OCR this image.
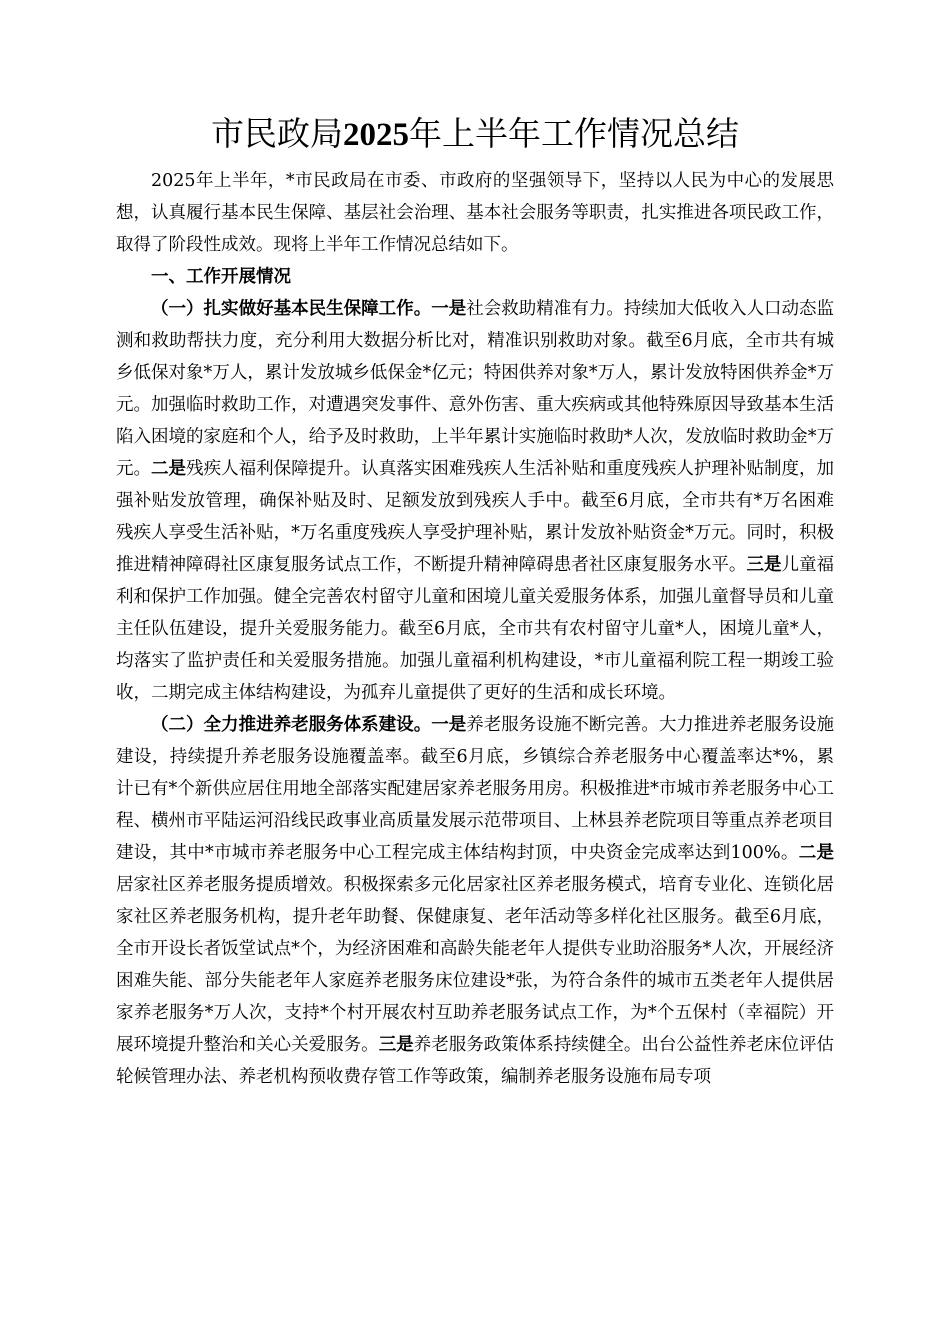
市民政局2025年上半年工作情况总结

2025年上半年，*市民政局在市委、市政府的坚强领导下，坚持以人民为中心的发展思想，认真履行基本民生保障、基层社会治理、基本社会服务等职责，扎实推进各项民政工作，取得了阶段性成效。现将上半年工作情况总结如下。

一、工作开展情况

（一）扎实做好基本民生保障工作。一是社会救助精准有力。持续加大低收入人口动态监测和救助帮扶力度，充分利用大数据分析比对，精准识别救助对象。截至6月底，全市共有城乡低保对象*万人，累计发放城乡低保金*亿元；特困供养对象*万人，累计发放特困供养金*万元。加强临时救助工作，对遭遇突发事件、意外伤害、重大疾病或其他特殊原因导致基本生活陷入困境的家庭和个人，给予及时救助，上半年累计实施临时救助*人次，发放临时救助金*万元。二是残疾人福利保障提升。认真落实困难残疾人生活补贴和重度残疾人护理补贴制度，加强补贴发放管理，确保补贴及时、足额发放到残疾人手中。截至6月底，全市共有*万名困难残疾人享受生活补贴，*万名重度残疾人享受护理补贴，累计发放补贴资金*万元。同时，积极推进精神障碍社区康复服务试点工作，不断提升精神障碍患者社区康复服务水平。三是儿童福利和保护工作加强。健全完善农村留守儿童和困境儿童关爱服务体系，加强儿童督导员和儿童主任队伍建设，提升关爱服务能力。截至6月底，全市共有农村留守儿童*人，困境儿童*人，均落实了监护责任和关爱服务措施。加强儿童福利机构建设，*市儿童福利院工程一期竣工验收，二期完成主体结构建设，为孤弃儿童提供了更好的生活和成长环境。

（二）全力推进养老服务体系建设。一是养老服务设施不断完善。大力推进养老服务设施建设，持续提升养老服务设施覆盖率。截至6月底，乡镇综合养老服务中心覆盖率达*%，累计已有*个新供应居住用地全部落实配建居家养老服务用房。积极推进*市城市养老服务中心工程、横州市平陆运河沿线民政事业高质量发展示范带项目、上林县养老院项目等重点养老项目建设，其中*市城市养老服务中心工程完成主体结构封顶，中央资金完成率达到100%。二是居家社区养老服务提质增效。积极探索多元化居家社区养老服务模式，培育专业化、连锁化居家社区养老服务机构，提升老年助餐、保健康复、老年活动等多样化社区服务。截至6月底，全市开设长者饭堂试点*个，为经济困难和高龄失能老年人提供专业助浴服务*人次，开展经济困难失能、部分失能老年人家庭养老服务床位建设*张，为符合条件的城市五类老年人提供居家养老服务*万人次，支持*个村开展农村互助养老服务试点工作，为*个五保村（幸福院）开展环境提升整治和关心关爱服务。三是养老服务政策体系持续健全。出台公益性养老床位评估轮候管理办法、养老机构预收费存管工作等政策，编制养老服务设施布局专项
